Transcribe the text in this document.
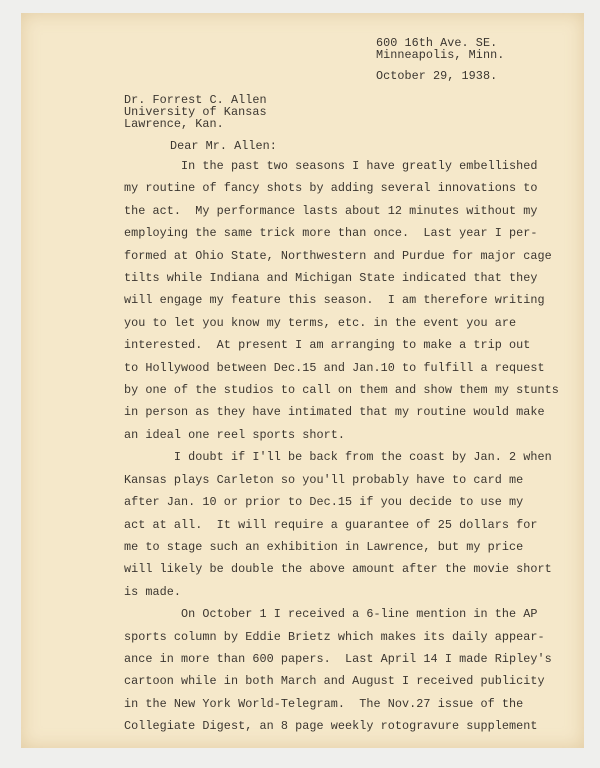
600 16th Ave. SE.
Minneapolis, Minn.
October 29, 1938.
Dr. Forrest C. Allen
University of Kansas
Lawrence, Kan.
Dear Mr. Allen:
In the past two seasons I have greatly embellished
my routine of fancy shots by adding several innovations to
the act.  My performance lasts about 12 minutes without my
employing the same trick more than once.  Last year I per-
formed at Ohio State, Northwestern and Purdue for major cage
tilts while Indiana and Michigan State indicated that they
will engage my feature this season.  I am therefore writing
you to let you know my terms, etc. in the event you are
interested.  At present I am arranging to make a trip out
to Hollywood between Dec.15 and Jan.10 to fulfill a request
by one of the studios to call on them and show them my stunts
in person as they have intimated that my routine would make
an ideal one reel sports short.
I doubt if I'll be back from the coast by Jan. 2 when
Kansas plays Carleton so you'll probably have to card me
after Jan. 10 or prior to Dec.15 if you decide to use my
act at all.  It will require a guarantee of 25 dollars for
me to stage such an exhibition in Lawrence, but my price
will likely be double the above amount after the movie short
is made.
On October 1 I received a 6-line mention in the AP
sports column by Eddie Brietz which makes its daily appear-
ance in more than 600 papers.  Last April 14 I made Ripley's
cartoon while in both March and August I received publicity
in the New York World-Telegram.  The Nov.27 issue of the
Collegiate Digest, an 8 page weekly rotogravure supplement
